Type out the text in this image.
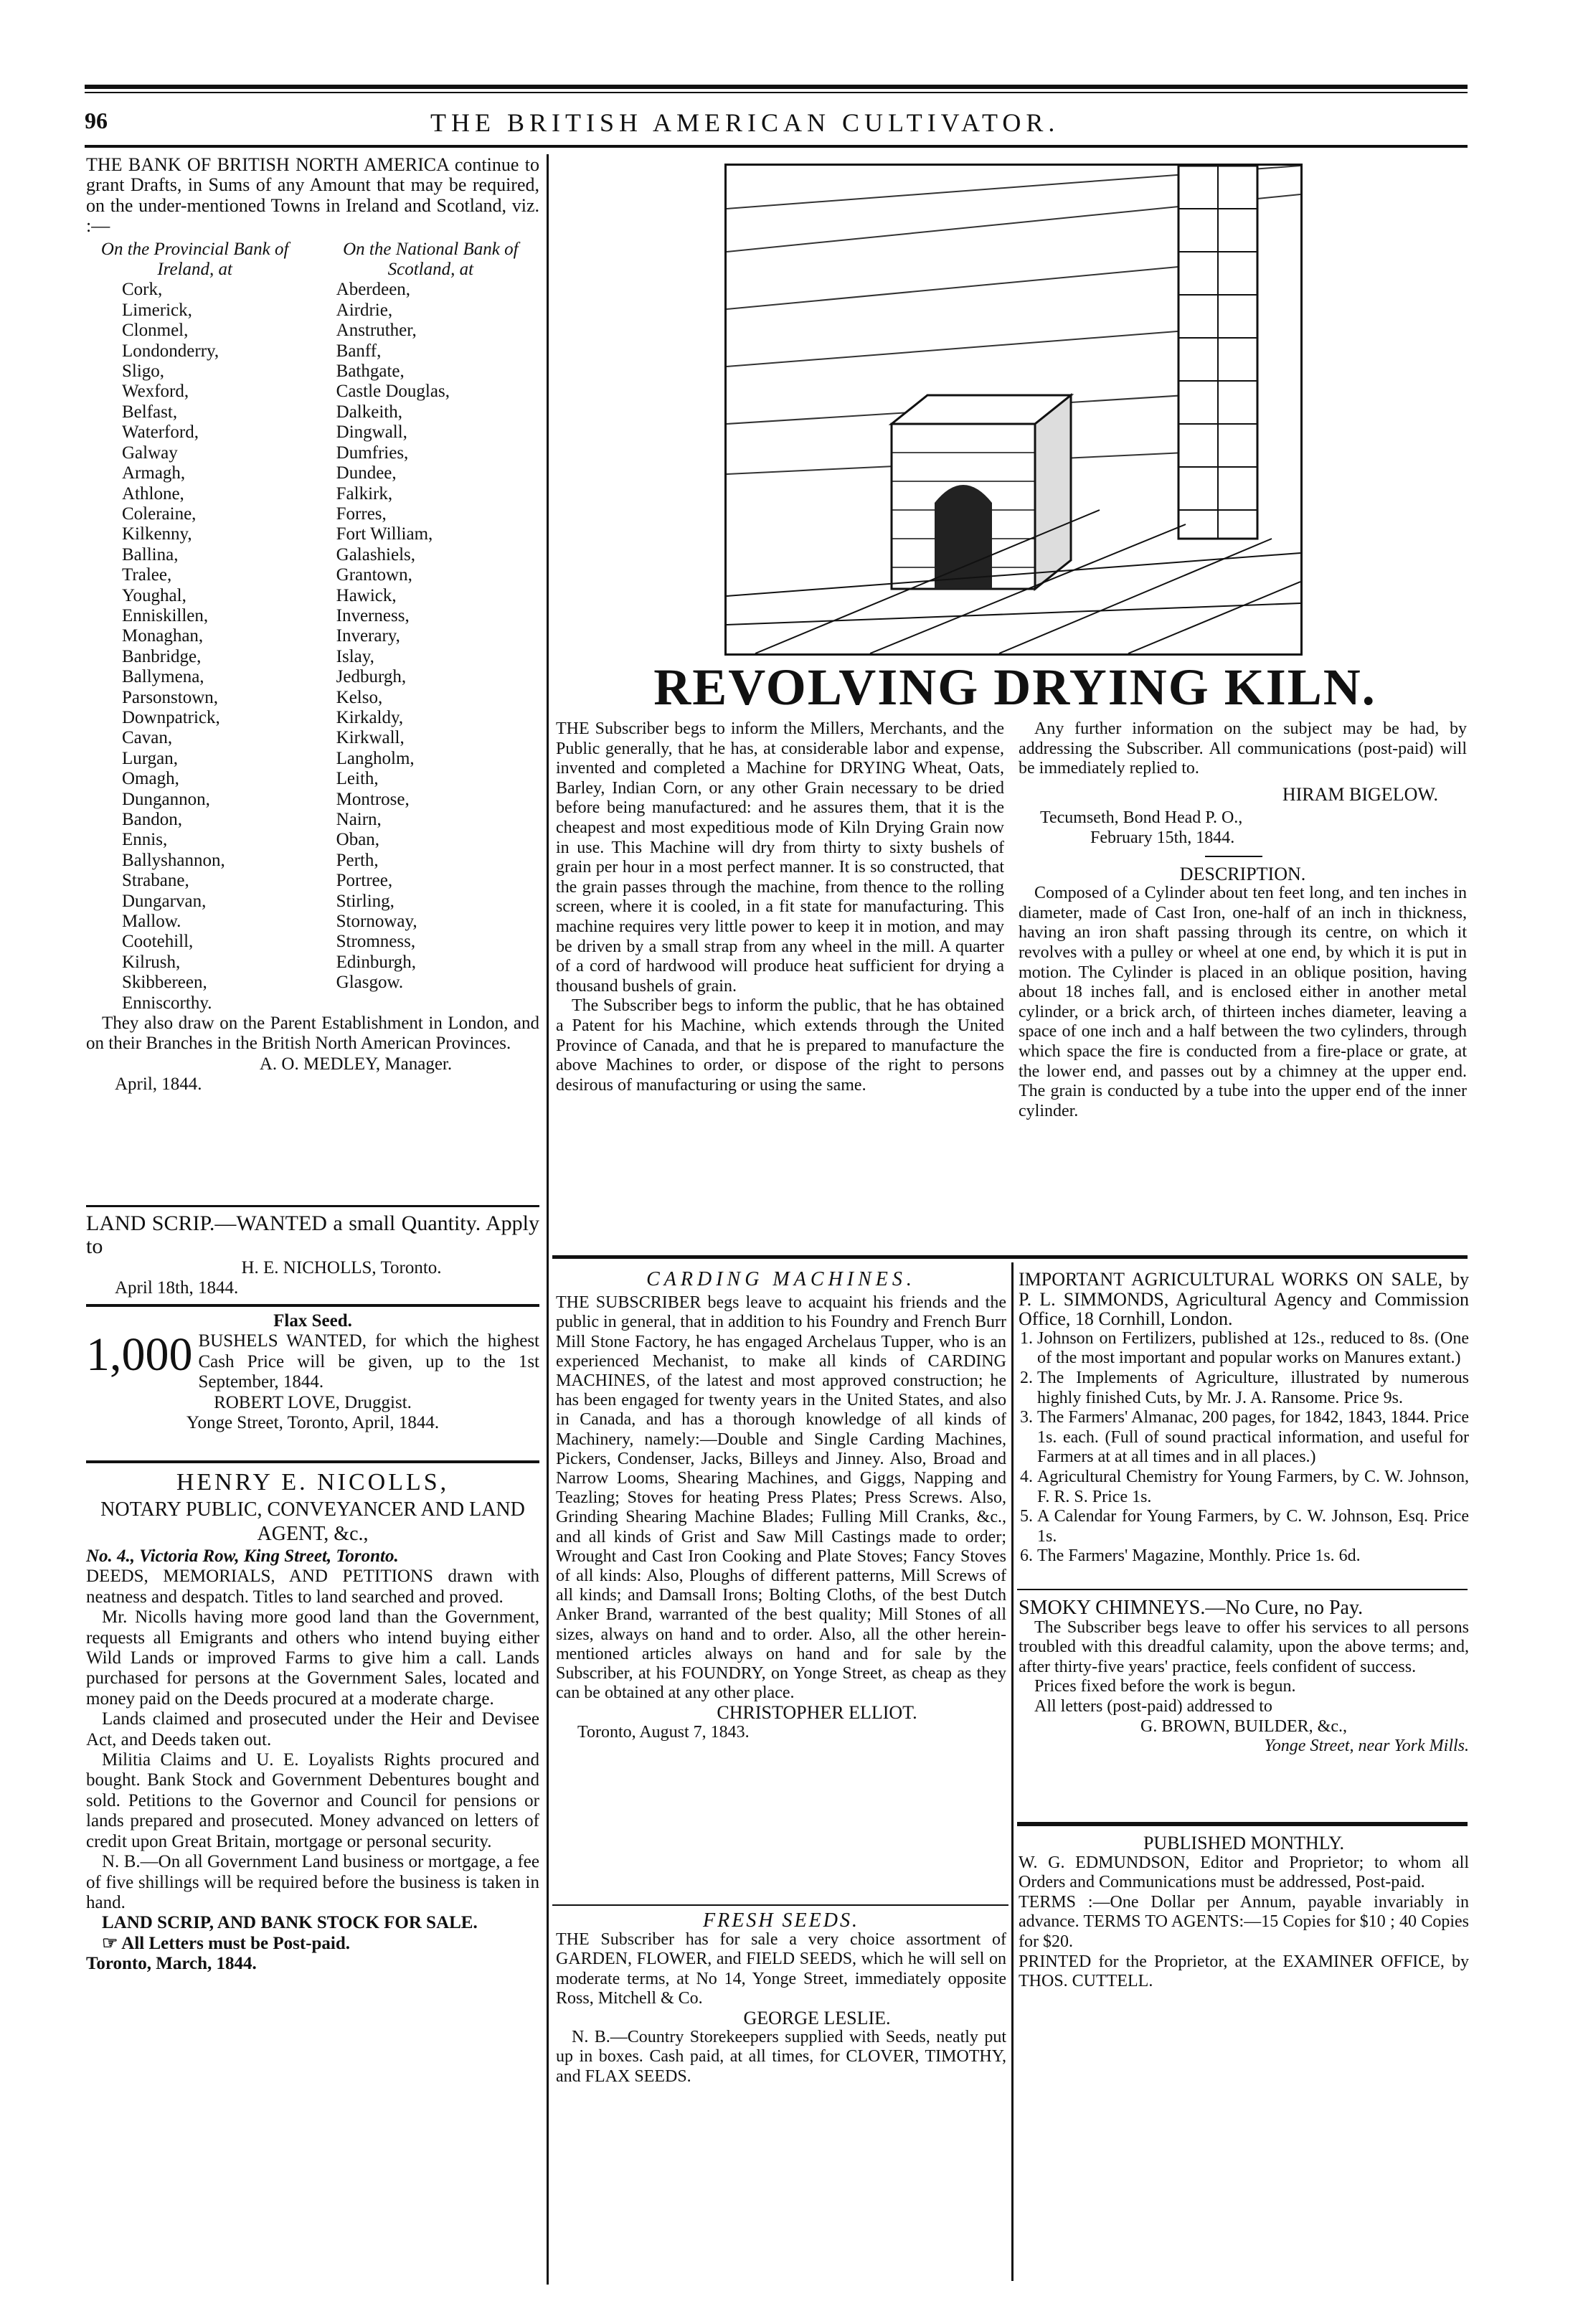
96	THE BRITISH AMERICAN CULTIVATOR.

THE BANK OF BRITISH NORTH AMERICA continue to grant Drafts, in Sums of any Amount that may be required, on the under-mentioned Towns in Ireland and Scotland, viz. :—

On the Provincial Bank of Ireland, at

Cork,
Limerick,
Clonmel,
Londonderry,
Sligo,
Wexford,
Belfast,
Waterford,
Galway
Armagh,
Athlone,
Coleraine,
Kilkenny,
Ballina,
Tralee,
Youghal,
Enniskillen,
Monaghan,
Banbridge,
Ballymena,
Parsonstown,
Downpatrick,
Cavan,
Lurgan,
Omagh,
Dungannon,
Bandon,
Ennis,
Ballyshannon,
Strabane,
Dungarvan,
Mallow.
Cootehill,
Kilrush,
Skibbereen,
Enniscorthy.

On the National Bank of Scotland, at

Aberdeen,
Airdrie,
Anstruther,
Banff,
Bathgate,
Castle Douglas,
Dalkeith,
Dingwall,
Dumfries,
Dundee,
Falkirk,
Forres,
Fort William,
Galashiels,
Grantown,
Hawick,
Inverness,
Inverary,
Islay,
Jedburgh,
Kelso,
Kirkaldy,
Kirkwall,
Langholm,
Leith,
Montrose,
Nairn,
Oban,
Perth,
Portree,
Stirling,
Stornoway,
Stromness,
Edinburgh,
Glasgow.

They also draw on the Parent Establishment in London, and on their Branches in the British North American Provinces.

A. O. MEDLEY, Manager.

April, 1844.

LAND SCRIP.—WANTED a small Quantity. Apply to

H. E. NICHOLLS, Toronto.

April 18th, 1844.

Flax Seed.

1,000 BUSHELS WANTED, for which the highest Cash Price will be given, up to the 1st September, 1844.

ROBERT LOVE, Druggist.

Yonge Street, Toronto, April, 1844.

HENRY E. NICOLLS,

NOTARY PUBLIC, CONVEYANCER AND LAND AGENT, &c.,

No. 4., Victoria Row, King Street, Toronto.

DEEDS, MEMORIALS, AND PETITIONS drawn with neatness and despatch. Titles to land searched and proved.

Mr. Nicolls having more good land than the Government, requests all Emigrants and others who intend buying either Wild Lands or improved Farms to give him a call. Lands purchased for persons at the Government Sales, located and money paid on the Deeds procured at a moderate charge.

Lands claimed and prosecuted under the Heir and Devisee Act, and Deeds taken out.

Militia Claims and U. E. Loyalists Rights procured and bought. Bank Stock and Government Debentures bought and sold. Petitions to the Governor and Council for pensions or lands prepared and prosecuted. Money advanced on letters of credit upon Great Britain, mortgage or personal security.

N. B.—On all Government Land business or mortgage, a fee of five shillings will be required before the business is taken in hand.

LAND SCRIP, AND BANK STOCK FOR SALE.

☞ All Letters must be Post-paid.

Toronto, March, 1844.

REVOLVING DRYING KILN.

THE Subscriber begs to inform the Millers, Merchants, and the Public generally, that he has, at considerable labor and expense, invented and completed a Machine for DRYING Wheat, Oats, Barley, Indian Corn, or any other Grain necessary to be dried before being manufactured: and he assures them, that it is the cheapest and most expeditious mode of Kiln Drying Grain now in use. This Machine will dry from thirty to sixty bushels of grain per hour in a most perfect manner. It is so constructed, that the grain passes through the machine, from thence to the rolling screen, where it is cooled, in a fit state for manufacturing. This machine requires very little power to keep it in motion, and may be driven by a small strap from any wheel in the mill. A quarter of a cord of hardwood will produce heat sufficient for drying a thousand bushels of grain.

The Subscriber begs to inform the public, that he has obtained a Patent for his Machine, which extends through the United Province of Canada, and that he is prepared to manufacture the above Machines to order, or dispose of the right to persons desirous of manufacturing or using the same.

Any further information on the subject may be had, by addressing the Subscriber. All communications (post-paid) will be immediately replied to.

HIRAM BIGELOW.

Tecumseth, Bond Head P. O.,

February 15th, 1844.

DESCRIPTION.

Composed of a Cylinder about ten feet long, and ten inches in diameter, made of Cast Iron, one-half of an inch in thickness, having an iron shaft passing through its centre, on which it revolves with a pulley or wheel at one end, by which it is put in motion. The Cylinder is placed in an oblique position, having about 18 inches fall, and is enclosed either in another metal cylinder, or a brick arch, of thirteen inches diameter, leaving a space of one inch and a half between the two cylinders, through which space the fire is conducted from a fire-place or grate, at the lower end, and passes out by a chimney at the upper end. The grain is conducted by a tube into the upper end of the inner cylinder.

CARDING MACHINES.

THE SUBSCRIBER begs leave to acquaint his friends and the public in general, that in addition to his Foundry and French Burr Mill Stone Factory, he has engaged Archelaus Tupper, who is an experienced Mechanist, to make all kinds of CARDING MACHINES, of the latest and most approved construction; he has been engaged for twenty years in the United States, and also in Canada, and has a thorough knowledge of all kinds of Machinery, namely:—Double and Single Carding Machines, Pickers, Condenser, Jacks, Billeys and Jinney. Also, Broad and Narrow Looms, Shearing Machines, and Giggs, Napping and Teazling; Stoves for heating Press Plates; Press Screws. Also, Grinding Shearing Machine Blades; Fulling Mill Cranks, &c., and all kinds of Grist and Saw Mill Castings made to order; Wrought and Cast Iron Cooking and Plate Stoves; Fancy Stoves of all kinds: Also, Ploughs of different patterns, Mill Screws of all kinds; and Damsall Irons; Bolting Cloths, of the best Dutch Anker Brand, warranted of the best quality; Mill Stones of all sizes, always on hand and to order. Also, all the other herein-mentioned articles always on hand and for sale by the Subscriber, at his FOUNDRY, on Yonge Street, as cheap as they can be obtained at any other place.

CHRISTOPHER ELLIOT.

Toronto, August 7, 1843.

FRESH SEEDS.

THE Subscriber has for sale a very choice assortment of GARDEN, FLOWER, and FIELD SEEDS, which he will sell on moderate terms, at No 14, Yonge Street, immediately opposite Ross, Mitchell & Co.

GEORGE LESLIE.

N. B.—Country Storekeepers supplied with Seeds, neatly put up in boxes. Cash paid, at all times, for CLOVER, TIMOTHY, and FLAX SEEDS.

IMPORTANT AGRICULTURAL WORKS ON SALE, by P. L. SIMMONDS, Agricultural Agency and Commission Office, 18 Cornhill, London.

1. Johnson on Fertilizers, published at 12s., reduced to 8s. (One of the most important and popular works on Manures extant.)
2. The Implements of Agriculture, illustrated by numerous highly finished Cuts, by Mr. J. A. Ransome. Price 9s.
3. The Farmers' Almanac, 200 pages, for 1842, 1843, 1844. Price 1s. each. (Full of sound practical information, and useful for Farmers at at all times and in all places.)
4. Agricultural Chemistry for Young Farmers, by C. W. Johnson, F. R. S. Price 1s.
5. A Calendar for Young Farmers, by C. W. Johnson, Esq. Price 1s.
6. The Farmers' Magazine, Monthly. Price 1s. 6d.

SMOKY CHIMNEYS.—No Cure, no Pay.

The Subscriber begs leave to offer his services to all persons troubled with this dreadful calamity, upon the above terms; and, after thirty-five years' practice, feels confident of success.

Prices fixed before the work is begun.

All letters (post-paid) addressed to

G. BROWN, BUILDER, &c.,

Yonge Street, near York Mills.

PUBLISHED MONTHLY.

W. G. EDMUNDSON, Editor and Proprietor; to whom all Orders and Communications must be addressed, Post-paid.

TERMS :—One Dollar per Annum, payable invariably in advance. TERMS TO AGENTS:—15 Copies for $10 ; 40 Copies for $20.

PRINTED for the Proprietor, at the EXAMINER OFFICE, by THOS. CUTTELL.
